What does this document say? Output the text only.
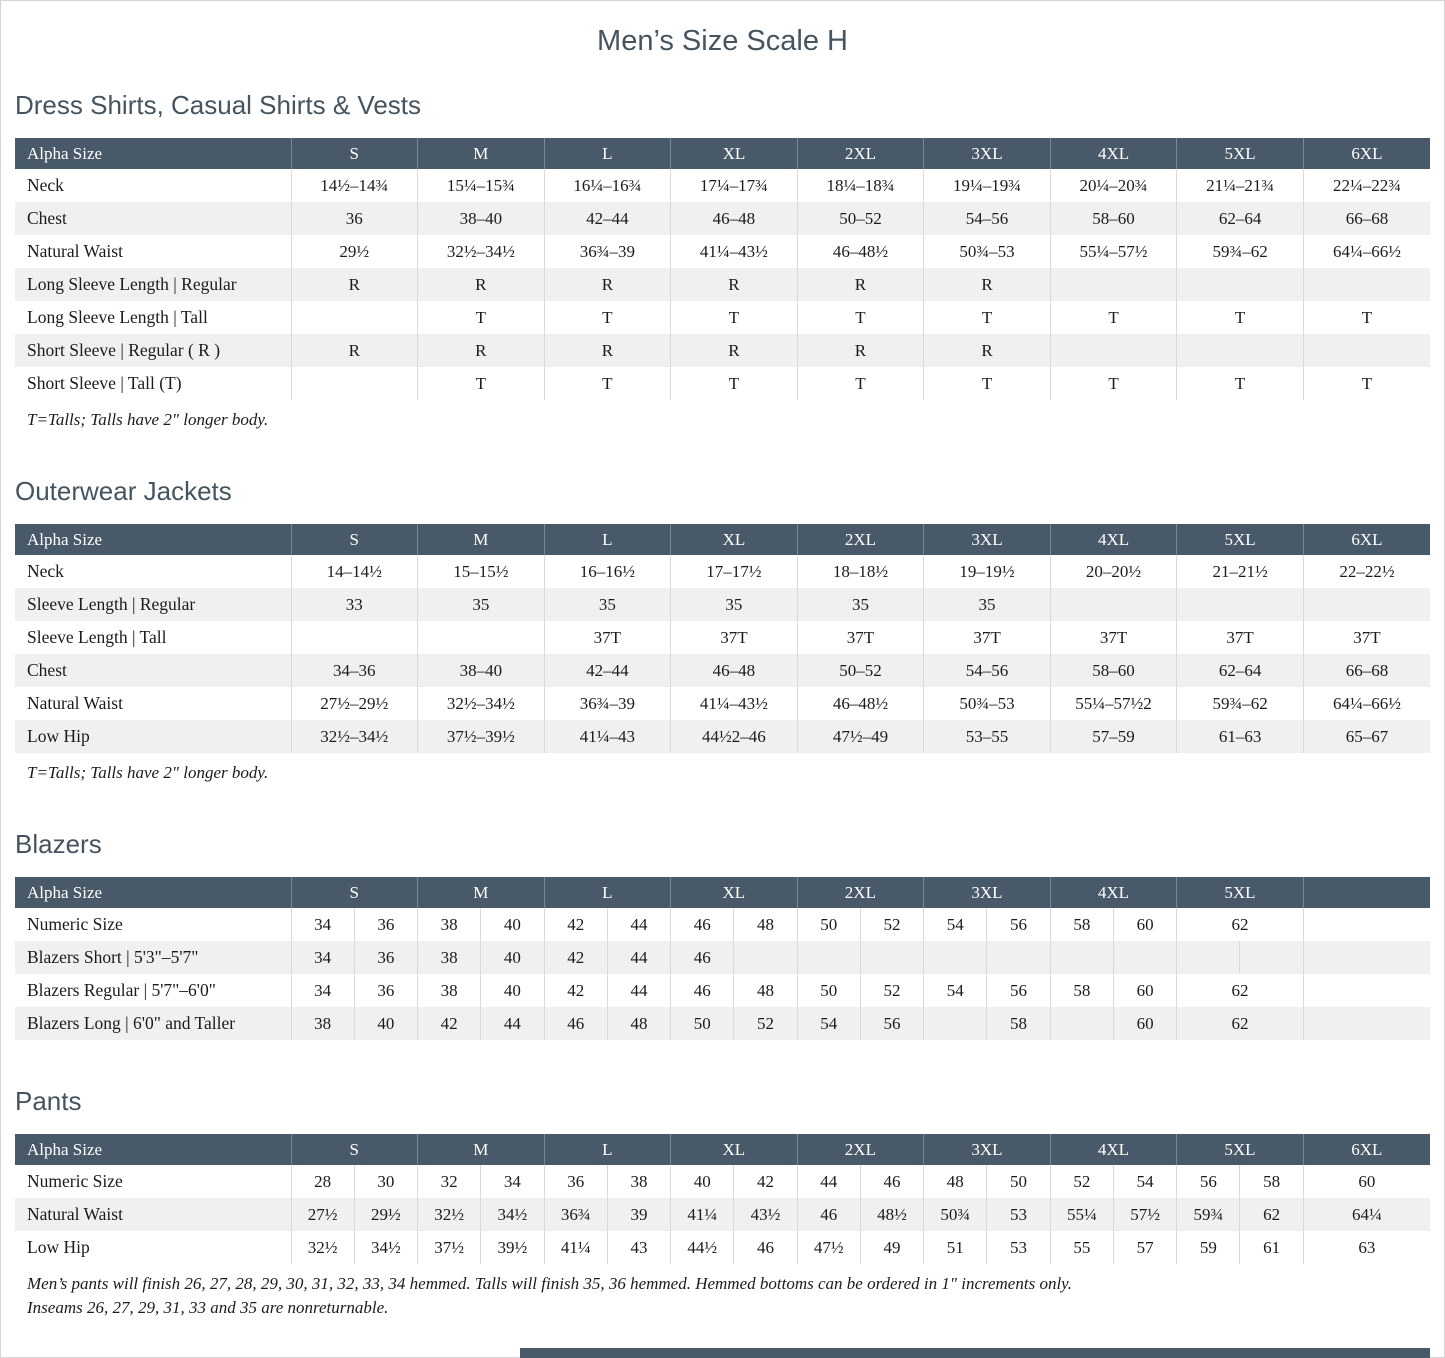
Men’s Size Scale H
Dress Shirts, Casual Shirts & Vests
Alpha Size	S	M	L	XL	2XL	3XL	4XL	5XL	6XL
Neck	14½–14¾	15¼–15¾	16¼–16¾	17¼–17¾	18¼–18¾	19¼–19¾	20¼–20¾	21¼–21¾	22¼–22¾
Chest	36	38–40	42–44	46–48	50–52	54–56	58–60	62–64	66–68
Natural Waist	29½	32½–34½	36¾–39	41¼–43½	46–48½	50¾–53	55¼–57½	59¾–62	64¼–66½
Long Sleeve Length | Regular	R	R	R	R	R	R			
Long Sleeve Length | Tall		T	T	T	T	T	T	T	T
Short Sleeve | Regular ( R )	R	R	R	R	R	R			
Short Sleeve | Tall (T)		T	T	T	T	T	T	T	T

T=Talls; Talls have 2" longer body.

Outerwear Jackets
Alpha Size	S	M	L	XL	2XL	3XL	4XL	5XL	6XL
Neck	14–14½	15–15½	16–16½	17–17½	18–18½	19–19½	20–20½	21–21½	22–22½
Sleeve Length | Regular	33	35	35	35	35	35			
Sleeve Length | Tall			37T	37T	37T	37T	37T	37T	37T
Chest	34–36	38–40	42–44	46–48	50–52	54–56	58–60	62–64	66–68
Natural Waist	27½–29½	32½–34½	36¾–39	41¼–43½	46–48½	50¾–53	55¼–57½2	59¾–62	64¼–66½
Low Hip	32½–34½	37½–39½	41¼–43	44½2–46	47½–49	53–55	57–59	61–63	65–67

T=Talls; Talls have 2" longer body.

Blazers
Alpha Size	S		M		L		XL		2XL		3XL		4XL		5XL		
Numeric Size	34	36	38	40	42	44	46	48	50	52	54	56	58	60	62		
Blazers Short | 5'3"–5'7"	34	36	38	40	42	44	46										
Blazers Regular | 5'7"–6'0"	34	36	38	40	42	44	46	48	50	52	54	56	58	60	62		
Blazers Long | 6'0" and Taller	38	40	42	44	46	48	50	52	54	56		58		60	62		
Pants
Alpha Size	S		M		L		XL		2XL		3XL		4XL		5XL		6XL
Numeric Size	28	30	32	34	36	38	40	42	44	46	48	50	52	54	56	58	60
Natural Waist	27½	29½	32½	34½	36¾	39	41¼	43½	46	48½	50¾	53	55¼	57½	59¾	62	64¼
Low Hip	32½	34½	37½	39½	41¼	43	44½	46	47½	49	51	53	55	57	59	61	63

Men’s pants will finish 26, 27, 28, 29, 30, 31, 32, 33, 34 hemmed. Talls will finish 35, 36 hemmed. Hemmed bottoms can be ordered in 1" increments only.

Inseams 26, 27, 29, 31, 33 and 35 are nonreturnable.
